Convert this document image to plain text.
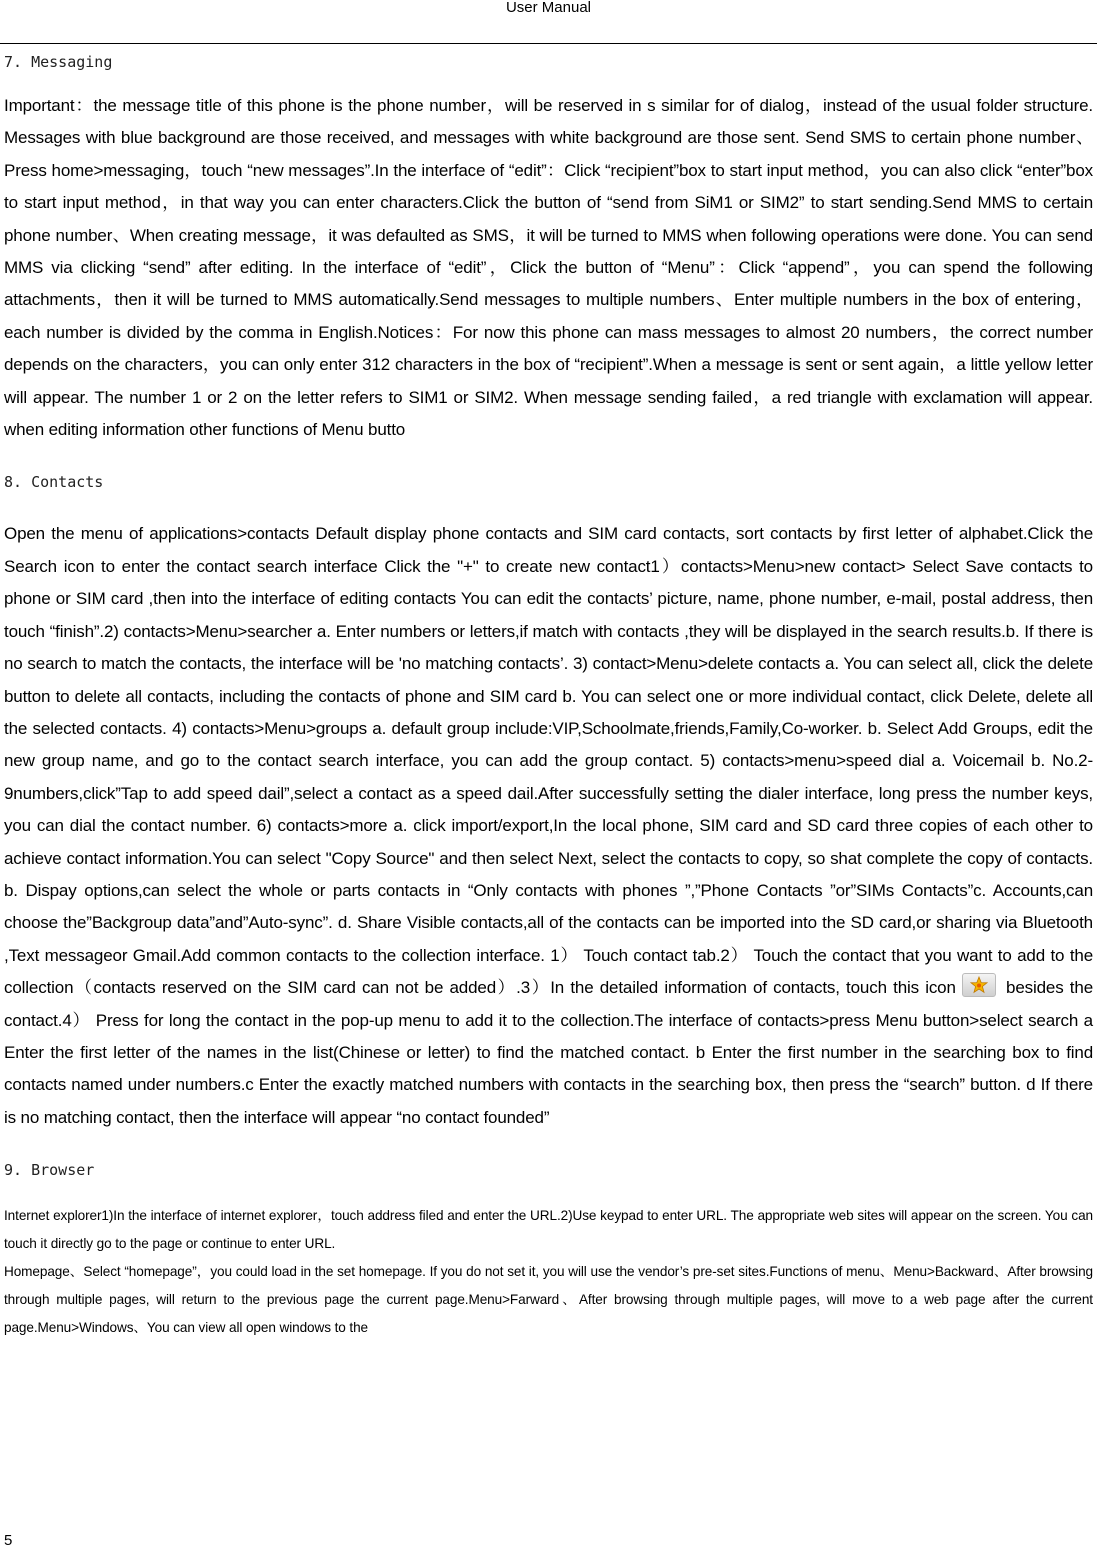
User Manual
7. Messaging

Important：the message title of this phone is the phone number，will be reserved in s similar for of dialog，instead of the usual folder structure. Messages with blue background are those received, and messages with white background are those sent. Send SMS to certain phone number、Press home>messaging，touch “new messages”.In the interface of “edit”：Click “recipient”box to start input method，you can also click “enter”box to start input method，in that way you can enter characters.Click the button of “send from SiM1 or SIM2” to start sending.Send MMS to certain phone number、When creating message，it was defaulted as SMS，it will be turned to MMS when following operations were done. You can send MMS via clicking “send” after editing. In the interface of “edit”，Click the button of “Menu”：Click “append”，you can spend the following attachments，then it will be turned to MMS automatically.Send messages to multiple numbers、Enter multiple numbers in the box of entering，each number is divided by the comma in English.Notices：For now this phone can mass messages to almost 20 numbers，the correct number depends on the characters，you can only enter 312 characters in the box of “recipient”.When a message is sent or sent again，a little yellow letter will appear. The number 1 or 2 on the letter refers to SIM1 or SIM2. When message sending failed，a red triangle with exclamation will appear. when editing information other functions of Menu butto

8. Contacts

Open the menu of applications>contacts Default display phone contacts and SIM card contacts, sort contacts by first letter of alphabet.Click the Search icon to enter the contact search interface Click the "+" to create new contact1）contacts>Menu>new contact> Select Save contacts to phone or SIM card ,then into the interface of editing contacts You can edit the contacts’ picture, name, phone number, e-mail, postal address, then touch “finish”.2) contacts>Menu>searcher a. Enter numbers or letters,if match with contacts ,they will be displayed in the search results.b. If there is no search to match the contacts, the interface will be 'no matching contacts’. 3) contact>Menu>delete contacts a. You can select all, click the delete button to delete all contacts, including the contacts of phone and SIM card b. You can select one or more individual contact, click Delete, delete all the selected contacts. 4) contacts>Menu>groups a. default group include:VIP,Schoolmate,friends,Family,Co-worker. b. Select Add Groups, edit the new group name, and go to the contact search interface, you can add the group contact. 5) contacts>menu>speed dial a. Voicemail b. No.2-9numbers,click”Tap to add speed dail”,select a contact as a speed dail.After successfully setting the dialer interface, long press the number keys, you can dial the contact number. 6) contacts>more a. click import/export,In the local phone, SIM card and SD card three copies of each other to achieve contact information.You can select "Copy Source" and then select Next, select the contacts to copy, so shat complete the copy of contacts. b. Dispay options,can select the whole or parts contacts in “Only contacts with phones ”,”Phone Contacts ”or”SIMs Contacts”c. Accounts,can choose the”Backgroup data”and”Auto-sync”. d. Share Visible contacts,all of the contacts can be imported into the SD card,or sharing via Bluetooth ,Text messageor Gmail.Add common contacts to the collection interface. 1） Touch contact tab.2） Touch the contact that you want to add to the collection（contacts reserved on the SIM card can not be added）.3）In the detailed information of contacts, touch this icon	besides the contact.4） Press for long the contact in the pop-up menu to add it to the collection.The interface of contacts>press Menu button>select search a Enter the first letter of the names in the list(Chinese or letter) to find the matched contact. b Enter the first number in the searching box to find contacts named under numbers.c Enter the exactly matched numbers with contacts in the searching box, then press the “search” button. d If there is no matching contact, then the interface will appear “no contact founded”

9. Browser

Internet explorer1)In the interface of internet explorer，touch address filed and enter the URL.2)Use keypad to enter URL. The appropriate web sites will appear on the screen. You can touch it directly go to the page or continue to enter URL.

Homepage、Select “homepage”，you could load in the set homepage. If you do not set it, you will use the vendor’s pre-set sites.Functions of menu、Menu>Backward、After browsing through multiple pages, will return to the previous page the current page.Menu>Farward、After browsing through multiple pages, will move to a web page after the current page.Menu>Windows、You can view all open windows to the

5
